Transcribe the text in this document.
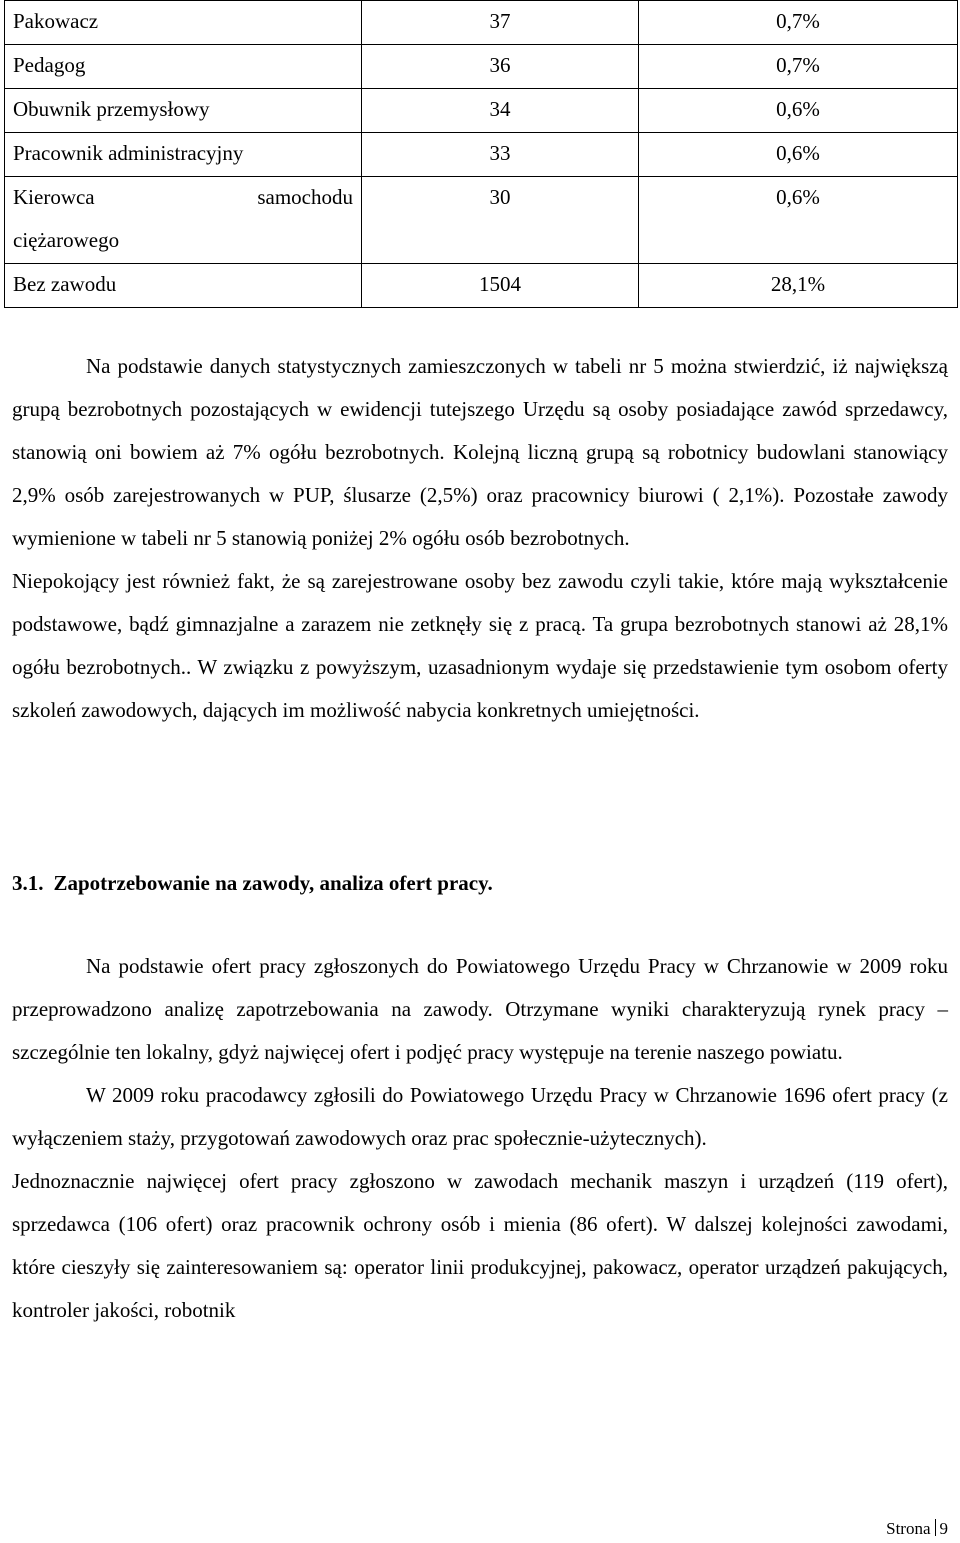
Pakowacz	37	0,7%

Pedagog	36	0,7%

Obuwnik przemysłowy	34	0,6%

Pracownik administracyjny	33	0,6%

Kierowca samochodu
ciężarowego	30	0,6%

Bez zawodu	1504	28,1%

Na podstawie danych statystycznych zamieszczonych w tabeli nr 5 można stwierdzić, iż największą grupą bezrobotnych pozostających w ewidencji tutejszego Urzędu są osoby posiadające zawód sprzedawcy, stanowią oni bowiem aż 7% ogółu bezrobotnych. Kolejną liczną grupą są robotnicy budowlani stanowiący 2,9% osób zarejestrowanych w PUP, ślusarze (2,5%) oraz pracownicy biurowi ( 2,1%). Pozostałe zawody wymienione w tabeli nr 5 stanowią poniżej 2% ogółu osób bezrobotnych.

Niepokojący jest również fakt, że są zarejestrowane osoby bez zawodu czyli takie, które mają wykształcenie podstawowe, bądź gimnazjalne a zarazem nie zetknęły się z pracą. Ta grupa bezrobotnych stanowi aż 28,1% ogółu bezrobotnych.. W związku z powyższym, uzasadnionym wydaje się przedstawienie tym osobom oferty szkoleń zawodowych, dających im możliwość nabycia konkretnych umiejętności.

3.1. Zapotrzebowanie na zawody, analiza ofert pracy.

Na podstawie ofert pracy zgłoszonych do Powiatowego Urzędu Pracy w Chrzanowie w 2009 roku przeprowadzono analizę zapotrzebowania na zawody. Otrzymane wyniki charakteryzują rynek pracy – szczególnie ten lokalny, gdyż najwięcej ofert i podjęć pracy występuje na terenie naszego powiatu.

W 2009 roku pracodawcy zgłosili do Powiatowego Urzędu Pracy w Chrzanowie 1696 ofert pracy (z wyłączeniem staży, przygotowań zawodowych oraz prac społecznie-użytecznych).

Jednoznacznie najwięcej ofert pracy zgłoszono w zawodach mechanik maszyn i urządzeń (119 ofert), sprzedawca (106 ofert) oraz pracownik ochrony osób i mienia (86 ofert). W dalszej kolejności zawodami, które cieszyły się zainteresowaniem są: operator linii produkcyjnej, pakowacz, operator urządzeń pakujących, kontroler jakości, robotnik

Strona 9
